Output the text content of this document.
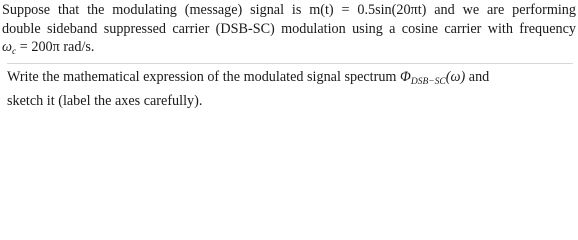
Suppose that the modulating (message) signal is m(t) = 0.5sin(20πt) and we are performing
double sideband suppressed carrier (DSB-SC) modulation using a cosine carrier with frequency
$\omega_c = 200\pi$ rad/s.
Write the mathematical expression of the modulated signal spectrum $\Phi_{DSB-SC}(\omega)$ and
sketch it (label the axes carefully).
